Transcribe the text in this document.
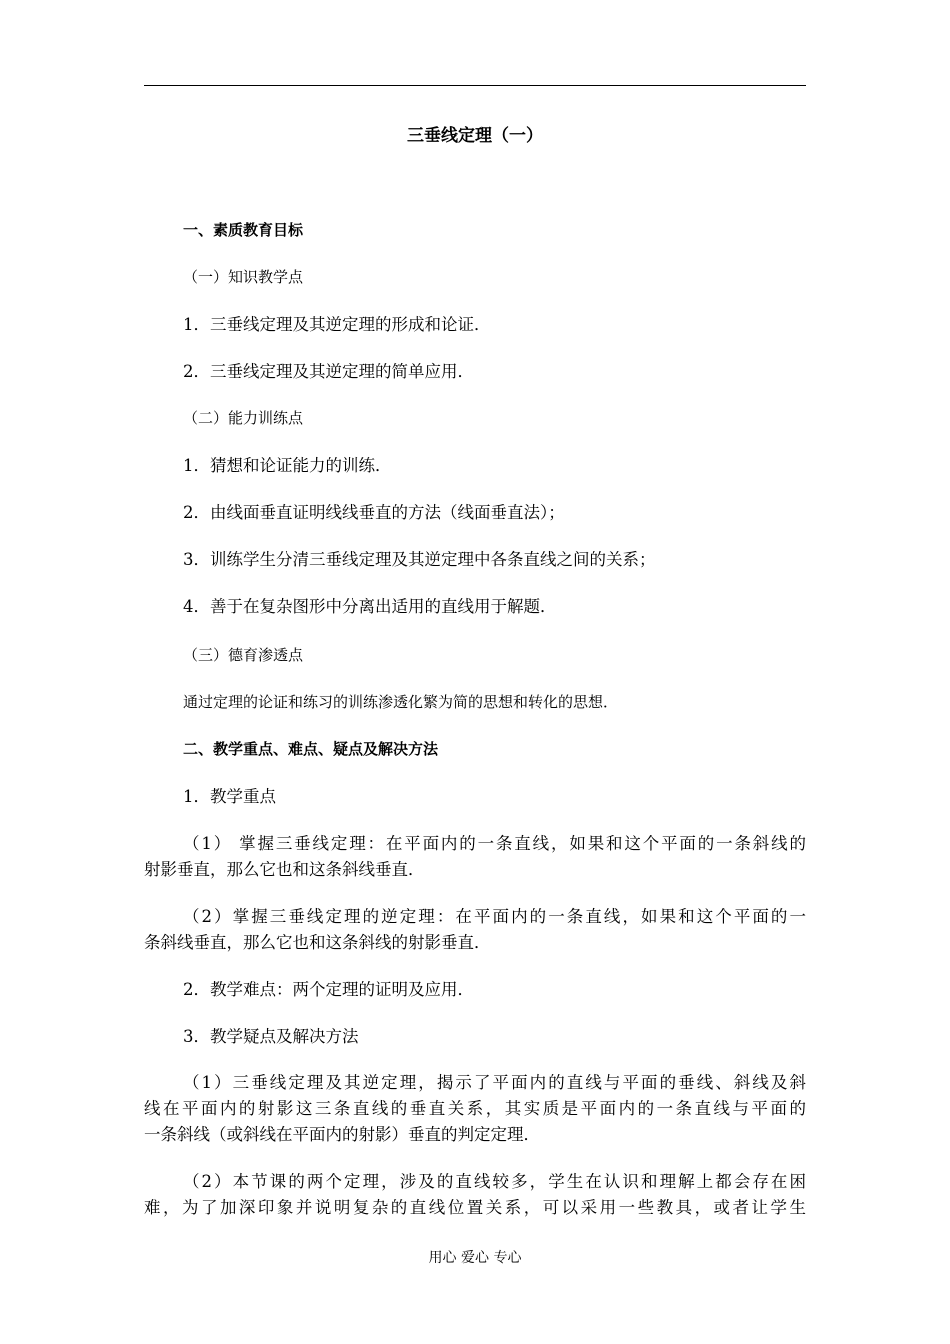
三垂线定理（一）
一、素质教育目标
（一）知识教学点
1．三垂线定理及其逆定理的形成和论证．
2．三垂线定理及其逆定理的简单应用．
（二）能力训练点
1．猜想和论证能力的训练．
2．由线面垂直证明线线垂直的方法（线面垂直法）；
3．训练学生分清三垂线定理及其逆定理中各条直线之间的关系；
4．善于在复杂图形中分离出适用的直线用于解题．
（三）德育渗透点
通过定理的论证和练习的训练渗透化繁为简的思想和转化的思想．
二、教学重点、难点、疑点及解决方法
1．教学重点
（1） 掌握三垂线定理：在平面内的一条直线，如果和这个平面的一条斜线的
射影垂直，那么它也和这条斜线垂直．
（2）掌握三垂线定理的逆定理：在平面内的一条直线，如果和这个平面的一
条斜线垂直，那么它也和这条斜线的射影垂直．
2．教学难点：两个定理的证明及应用．
3．教学疑点及解决方法
（1）三垂线定理及其逆定理，揭示了平面内的直线与平面的垂线、斜线及斜
线在平面内的射影这三条直线的垂直关系，其实质是平面内的一条直线与平面的
一条斜线（或斜线在平面内的射影）垂直的判定定理．
（2）本节课的两个定理，涉及的直线较多，学生在认识和理解上都会存在困
难，为了加深印象并说明复杂的直线位置关系，可以采用一些教具，或者让学生
用心 爱心 专心
